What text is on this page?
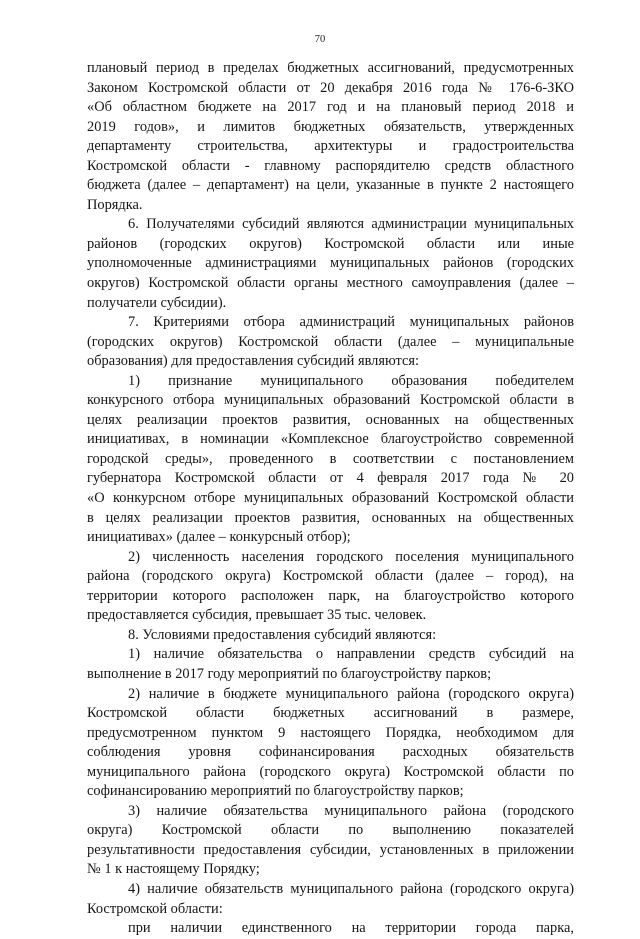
70
плановый период в пределах бюджетных ассигнований, предусмотренных
Законом Костромской области от 20 декабря 2016 года № 176-6-ЗКО
«Об областном бюджете на 2017 год и на плановый период 2018 и
2019 годов», и лимитов бюджетных обязательств, утвержденных
департаменту строительства, архитектуры и градостроительства
Костромской области - главному распорядителю средств областного
бюджета (далее – департамент) на цели, указанные в пункте 2 настоящего
Порядка.
6. Получателями субсидий являются администрации муниципальных
районов (городских округов) Костромской области или иные
уполномоченные администрациями муниципальных районов (городских
округов) Костромской области органы местного самоуправления (далее –
получатели субсидии).
7. Критериями отбора администраций муниципальных районов
(городских округов) Костромской области (далее – муниципальные
образования) для предоставления субсидий являются:
1) признание муниципального образования победителем
конкурсного отбора муниципальных образований Костромской области в
целях реализации проектов развития, основанных на общественных
инициативах, в номинации «Комплексное благоустройство современной
городской среды», проведенного в соответствии с постановлением
губернатора Костромской области от 4 февраля 2017 года № 20
«О конкурсном отборе муниципальных образований Костромской области
в целях реализации проектов развития, основанных на общественных
инициативах» (далее – конкурсный отбор);
2) численность населения городского поселения муниципального
района (городского округа) Костромской области (далее – город), на
территории которого расположен парк, на благоустройство которого
предоставляется субсидия, превышает 35 тыс. человек.
8. Условиями предоставления субсидий являются:
1) наличие обязательства о направлении средств субсидий на
выполнение в 2017 году мероприятий по благоустройству парков;
2) наличие в бюджете муниципального района (городского округа)
Костромской области бюджетных ассигнований в размере,
предусмотренном пунктом 9 настоящего Порядка, необходимом для
соблюдения уровня софинансирования расходных обязательств
муниципального района (городского округа) Костромской области по
софинансированию мероприятий по благоустройству парков;
3) наличие обязательства муниципального района (городского
округа) Костромской области по выполнению показателей
результативности предоставления субсидии, установленных в приложении
№ 1 к настоящему Порядку;
4) наличие обязательств муниципального района (городского округа)
Костромской области:
при наличии единственного на территории города парка,
